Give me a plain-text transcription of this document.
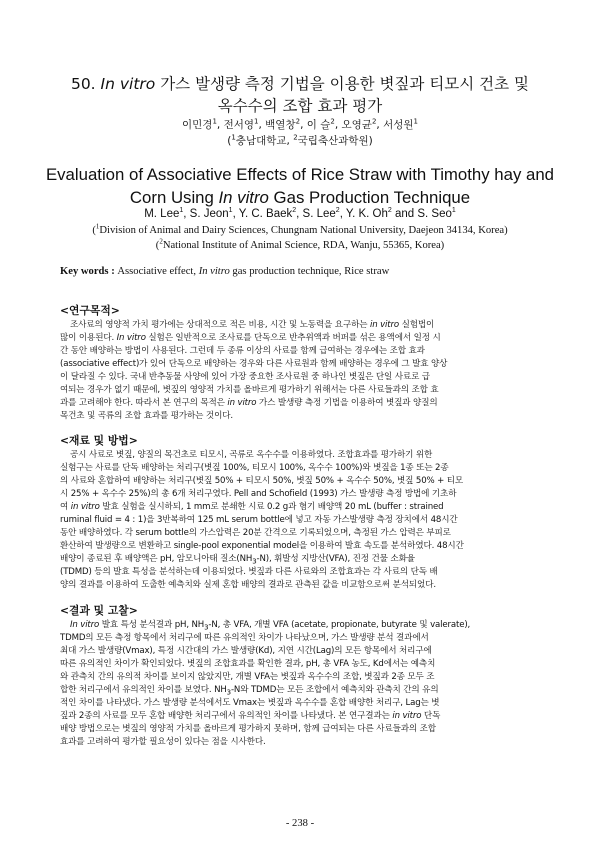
50. In vitro 가스 발생량 측정 기법을 이용한 볏짚과 티모시 건초 및
옥수수의 조합 효과 평가
이민경$^1$, 전서영$^1$, 백열창$^2$, 이 슬$^2$, 오영균$^2$, 서성원$^1$
($^1$충남대학교, $^2$국립축산과학원)
Evaluation of Associative Effects of Rice Straw with Timothy hay and
Corn Using In vitro Gas Production Technique
M. Lee$^1$, S. Jeon$^1$, Y. C. Baek$^2$, S. Lee$^2$, Y. K. Oh$^2$ and S. Seo$^1$
($^1$Division of Animal and Dairy Sciences, Chungnam National University, Daejeon 34134, Korea)
($^2$National Institute of Animal Science, RDA, Wanju, 55365, Korea)
Key words : Associative effect, In vitro gas production technique, Rice straw
<연구목적>
조사료의 영양적 가치 평가에는 상대적으로 적은 비용, 시간 및 노동력을 요구하는 in vitro 실험법이
많이 이용된다. In vitro 실험은 일반적으로 조사료를 단독으로 반추위액과 버퍼를 섞은 용액에서 일정 시
간 동안 배양하는 방법이 사용된다. 그런데 두 종류 이상의 사료를 함께 급여하는 경우에는 조합 효과
(associative effect)가 있어 단독으로 배양하는 경우와 다른 사료원과 함께 배양하는 경우에 그 발효 양상
이 달라질 수 있다. 국내 반추동물 사양에 있어 가장 중요한 조사료원 중 하나인 볏짚은 단일 사료로 급
여되는 경우가 없기 때문에, 볏짚의 영양적 가치를 올바르게 평가하기 위해서는 다른 사료들과의 조합 효
과를 고려해야 한다. 따라서 본 연구의 목적은 in vitro 가스 발생량 측정 기법을 이용하여 볏짚과 양질의
목건초 및 곡류의 조합 효과를 평가하는 것이다.
<재료 및 방법>
공시 사료로 볏짚, 양질의 목건초로 티모시, 곡류로 옥수수를 이용하였다. 조합효과를 평가하기 위한
실험구는 사료를 단독 배양하는 처리구(볏짚 100%, 티모시 100%, 옥수수 100%)와 볏짚을 1종 또는 2종
의 사료와 혼합하여 배양하는 처리구(볏짚 50% + 티모시 50%, 볏짚 50% + 옥수수 50%, 볏짚 50% + 티모
시 25% + 옥수수 25%)의 총 6개 처리구였다. Pell and Schofield (1993) 가스 발생량 측정 방법에 기초하
여 in vitro 발효 실험을 실시하되, 1 mm로 분쇄한 시료 0.2 g과 혐기 배양액 20 mL (buffer : strained
ruminal fluid = 4 : 1)을 3반복하여 125 mL serum bottle에 넣고 자동 가스발생량 측정 장치에서 48시간
동안 배양하였다. 각 serum bottle의 가스압력은 20분 간격으로 기록되었으며, 측정된 가스 압력은 부피로
환산하여 발생량으로 변환하고 single-pool exponential model을 이용하여 발효 속도를 분석하였다. 48시간
배양이 종료된 후 배양액은 pH, 암모니아태 질소$(NH_3-N)$, 휘발성 지방산(VFA), 진정 건물 소화율
(TDMD) 등의 발효 특성을 분석하는데 이용되었다. 볏짚과 다른 사료와의 조합효과는 각 사료의 단독 배
양의 결과를 이용하여 도출한 예측치와 실제 혼합 배양의 결과로 관측된 값을 비교함으로써 분석되었다.
<결과 및 고찰>
In vitro 발효 특성 분석결과 pH, $NH_3-N$, 총 VFA, 개별 VFA (acetate, propionate, butyrate 및 valerate),
TDMD의 모든 측정 항목에서 처리구에 따른 유의적인 차이가 나타났으며, 가스 발생량 분석 결과에서
최대 가스 발생량(Vmax), 특정 시간대의 가스 발생량(Kd), 지연 시간(Lag)의 모든 항목에서 처리구에
따른 유의적인 차이가 확인되었다. 볏짚의 조합효과를 확인한 결과, pH, 총 VFA 농도, Kd에서는 예측치
와 관측치 간의 유의적 차이를 보이지 않았지만, 개별 VFA는 볏짚과 옥수수의 조합, 볏짚과 2종 모두 조
합한 처리구에서 유의적인 차이를 보였다. $NH_3-N$와 TDMD는 모든 조합에서 예측치와 관측치 간의 유의
적인 차이를 나타냈다. 가스 발생량 분석에서도 Vmax는 볏짚과 옥수수를 혼합 배양한 처리구, Lag는 볏
짚과 2종의 사료를 모두 혼합 배양한 처리구에서 유의적인 차이를 나타냈다. 본 연구결과는 in vitro 단독
배양 방법으로는 볏짚의 영양적 가치를 올바르게 평가하지 못하며, 함께 급여되는 다른 사료들과의 조합
효과를 고려하여 평가할 필요성이 있다는 점을 시사한다.
- 238 -
